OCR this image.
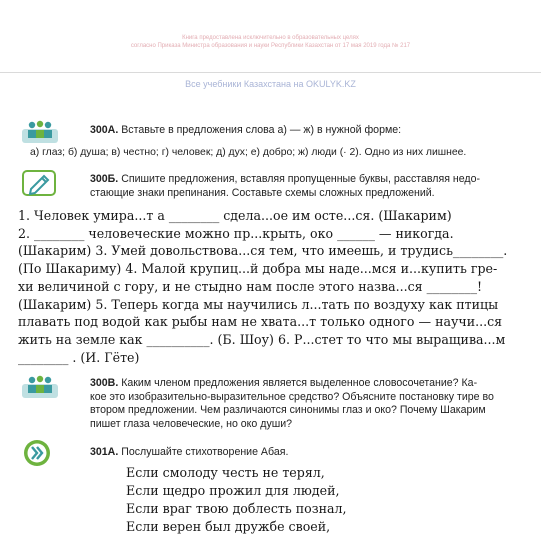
Книга предоставлена исключительно в образовательных целях
согласно Приказа Министра образования и науки Республики Казахстан от 17 мая 2019 года № 217
Все учебники Казахстана на OKULYK.KZ
300А. Вставьте в предложения слова а) — ж) в нужной форме:
а) глаз; б) душа; в) честно; г) человек; д) дух; е) добро; ж) люди (· 2). Одно из них лишнее.
300Б. Спишите предложения, вставляя пропущенные буквы, расставляя недо-
стающие знаки препинания. Составьте схемы сложных предложений.
1. Человек умира...т а ________ сдела...ое им осте...ся. (Шакарим)
2. ________ человеческие можно пр...крыть, око ______ — никогда.
(Шакарим) 3. Умей довольствова...ся тем, что имеешь, и трудись________.
(По Шакариму) 4. Малой крупиц...й добра мы наде...мся и...купить гре-
хи величиной с гору, и не стыдно нам после этого назва...ся ________!
(Шакарим) 5. Теперь когда мы научились л...тать по воздуху как птицы
плавать под водой как рыбы нам не хвата...т только одного — научи...ся
жить на земле как __________. (Б. Шоу) 6. Р...стет то что мы выращива...м
________ . (И. Гёте)
300В. Каким членом предложения является выделенное словосочетание? Ка-
кое это изобразительно-выразительное средство? Объясните постановку тире во
втором предложении. Чем различаются синонимы глаз и око? Почему Шакарим
пишет глаза человеческие, но око души?
301А. Послушайте стихотворение Абая.
Если смолоду честь не терял,
Если щедро прожил для людей,
Если враг твою доблесть познал,
Если верен был дружбе своей,
